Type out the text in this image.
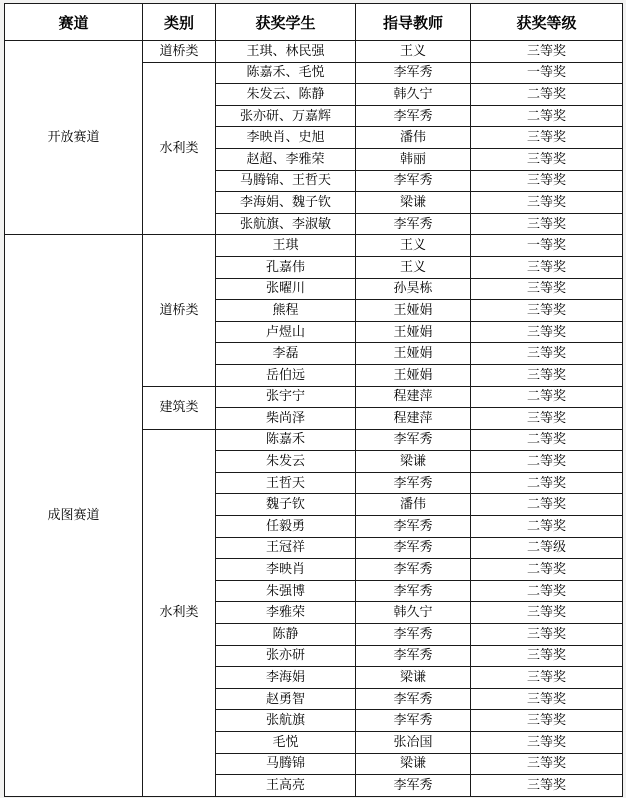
赛道	类别	获奖学生	指导教师	获奖等级
开放赛道	道桥类	王琪、林民强	王义	三等奖
	水利类	陈嘉禾、毛悦	李军秀	一等奖
		朱发云、陈静	韩久宁	二等奖
		张亦研、万嘉辉	李军秀	二等奖
		李映肖、史旭	潘伟	三等奖
		赵超、李雅荣	韩丽	三等奖
		马腾锦、王哲天	李军秀	三等奖
		李海娟、魏子钦	梁谦	三等奖
		张航旗、李淑敏	李军秀	三等奖
成图赛道	道桥类	王琪	王义	一等奖
		孔嘉伟	王义	三等奖
		张曜川	孙昊栋	三等奖
		熊程	王娅娟	三等奖
		卢煜山	王娅娟	三等奖
		李磊	王娅娟	三等奖
		岳伯远	王娅娟	三等奖
	建筑类	张宇宁	程建萍	二等奖
		柴尚泽	程建萍	三等奖
	水利类	陈嘉禾	李军秀	二等奖
		朱发云	梁谦	二等奖
		王哲天	李军秀	二等奖
		魏子钦	潘伟	二等奖
		任毅勇	李军秀	二等奖
		王冠祥	李军秀	二等级
		李映肖	李军秀	二等奖
		朱强博	李军秀	二等奖
		李雅荣	韩久宁	三等奖
		陈静	李军秀	三等奖
		张亦研	李军秀	三等奖
		李海娟	梁谦	三等奖
		赵勇智	李军秀	三等奖
		张航旗	李军秀	三等奖
		毛悦	张冶国	三等奖
		马腾锦	梁谦	三等奖
		王高亮	李军秀	三等奖
